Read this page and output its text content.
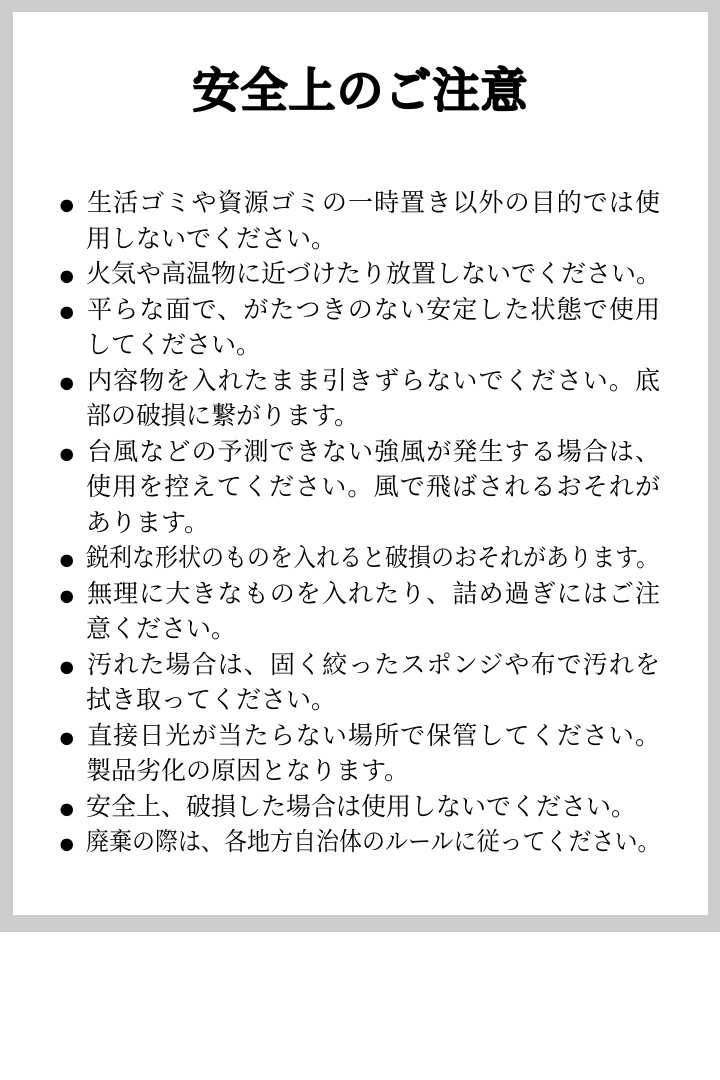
安全上のご注意
● 生活ゴミや資源ゴミの一時置き以外の目的では使用しないでください。
● 火気や高温物に近づけたり放置しないでください。
● 平らな面で、がたつきのない安定した状態で使用してください。
● 内容物を入れたまま引きずらないでください。底部の破損に繋がります。
● 台風などの予測できない強風が発生する場合は、使用を控えてください。風で飛ばされるおそれがあります。
● 鋭利な形状のものを入れると破損のおそれがあります。
● 無理に大きなものを入れたり、詰め過ぎにはご注意ください。
● 汚れた場合は、固く絞ったスポンジや布で汚れを拭き取ってください。
● 直接日光が当たらない場所で保管してください。製品劣化の原因となります。
● 安全上、破損した場合は使用しないでください。
● 廃棄の際は、各地方自治体のルールに従ってください。
